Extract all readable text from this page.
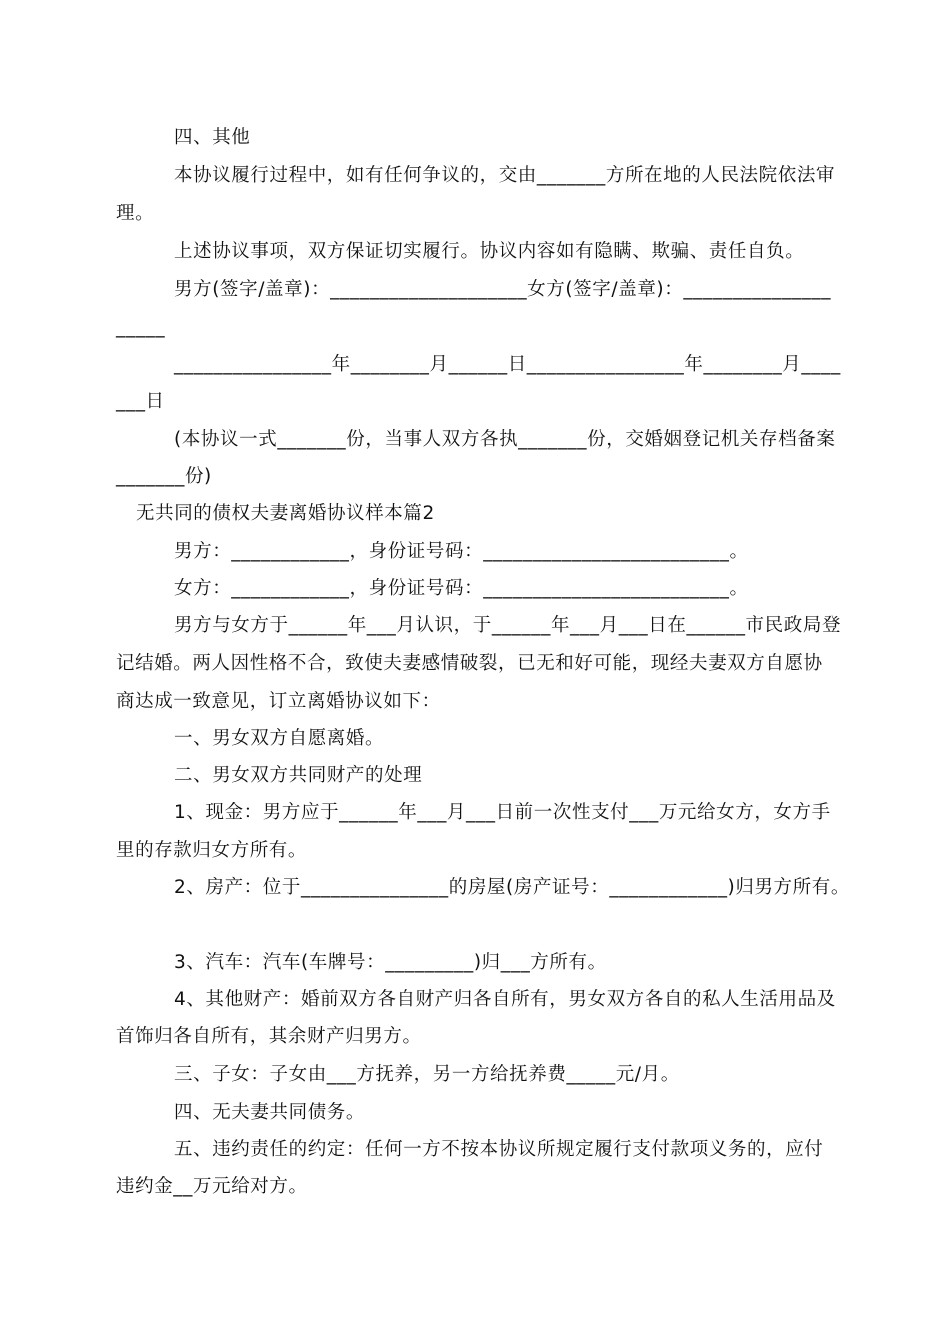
四、其他
本协议履行过程中，如有任何争议的，交由_______方所在地的人民法院依法审
理。
上述协议事项，双方保证切实履行。协议内容如有隐瞒、欺骗、责任自负。
男方(签字/盖章)：____________________女方(签字/盖章)：_______________
_____
________________年________月______日________________年________月____
___日
(本协议一式_______份，当事人双方各执_______份，交婚姻登记机关存档备案
_______份)
无共同的债权夫妻离婚协议样本篇2
男方：____________，身份证号码：_________________________。
女方：____________，身份证号码：_________________________。
男方与女方于______年___月认识，于______年___月___日在______市民政局登
记结婚。两人因性格不合，致使夫妻感情破裂，已无和好可能，现经夫妻双方自愿协
商达成一致意见，订立离婚协议如下：
一、男女双方自愿离婚。
二、男女双方共同财产的处理
1、现金：男方应于______年___月___日前一次性支付___万元给女方，女方手
里的存款归女方所有。
2、房产：位于_______________的房屋(房产证号：____________)归男方所有。
3、汽车：汽车(车牌号：_________)归___方所有。
4、其他财产：婚前双方各自财产归各自所有，男女双方各自的私人生活用品及
首饰归各自所有，其余财产归男方。
三、子女：子女由___方抚养，另一方给抚养费_____元/月。
四、无夫妻共同债务。
五、违约责任的约定：任何一方不按本协议所规定履行支付款项义务的，应付
违约金__万元给对方。
